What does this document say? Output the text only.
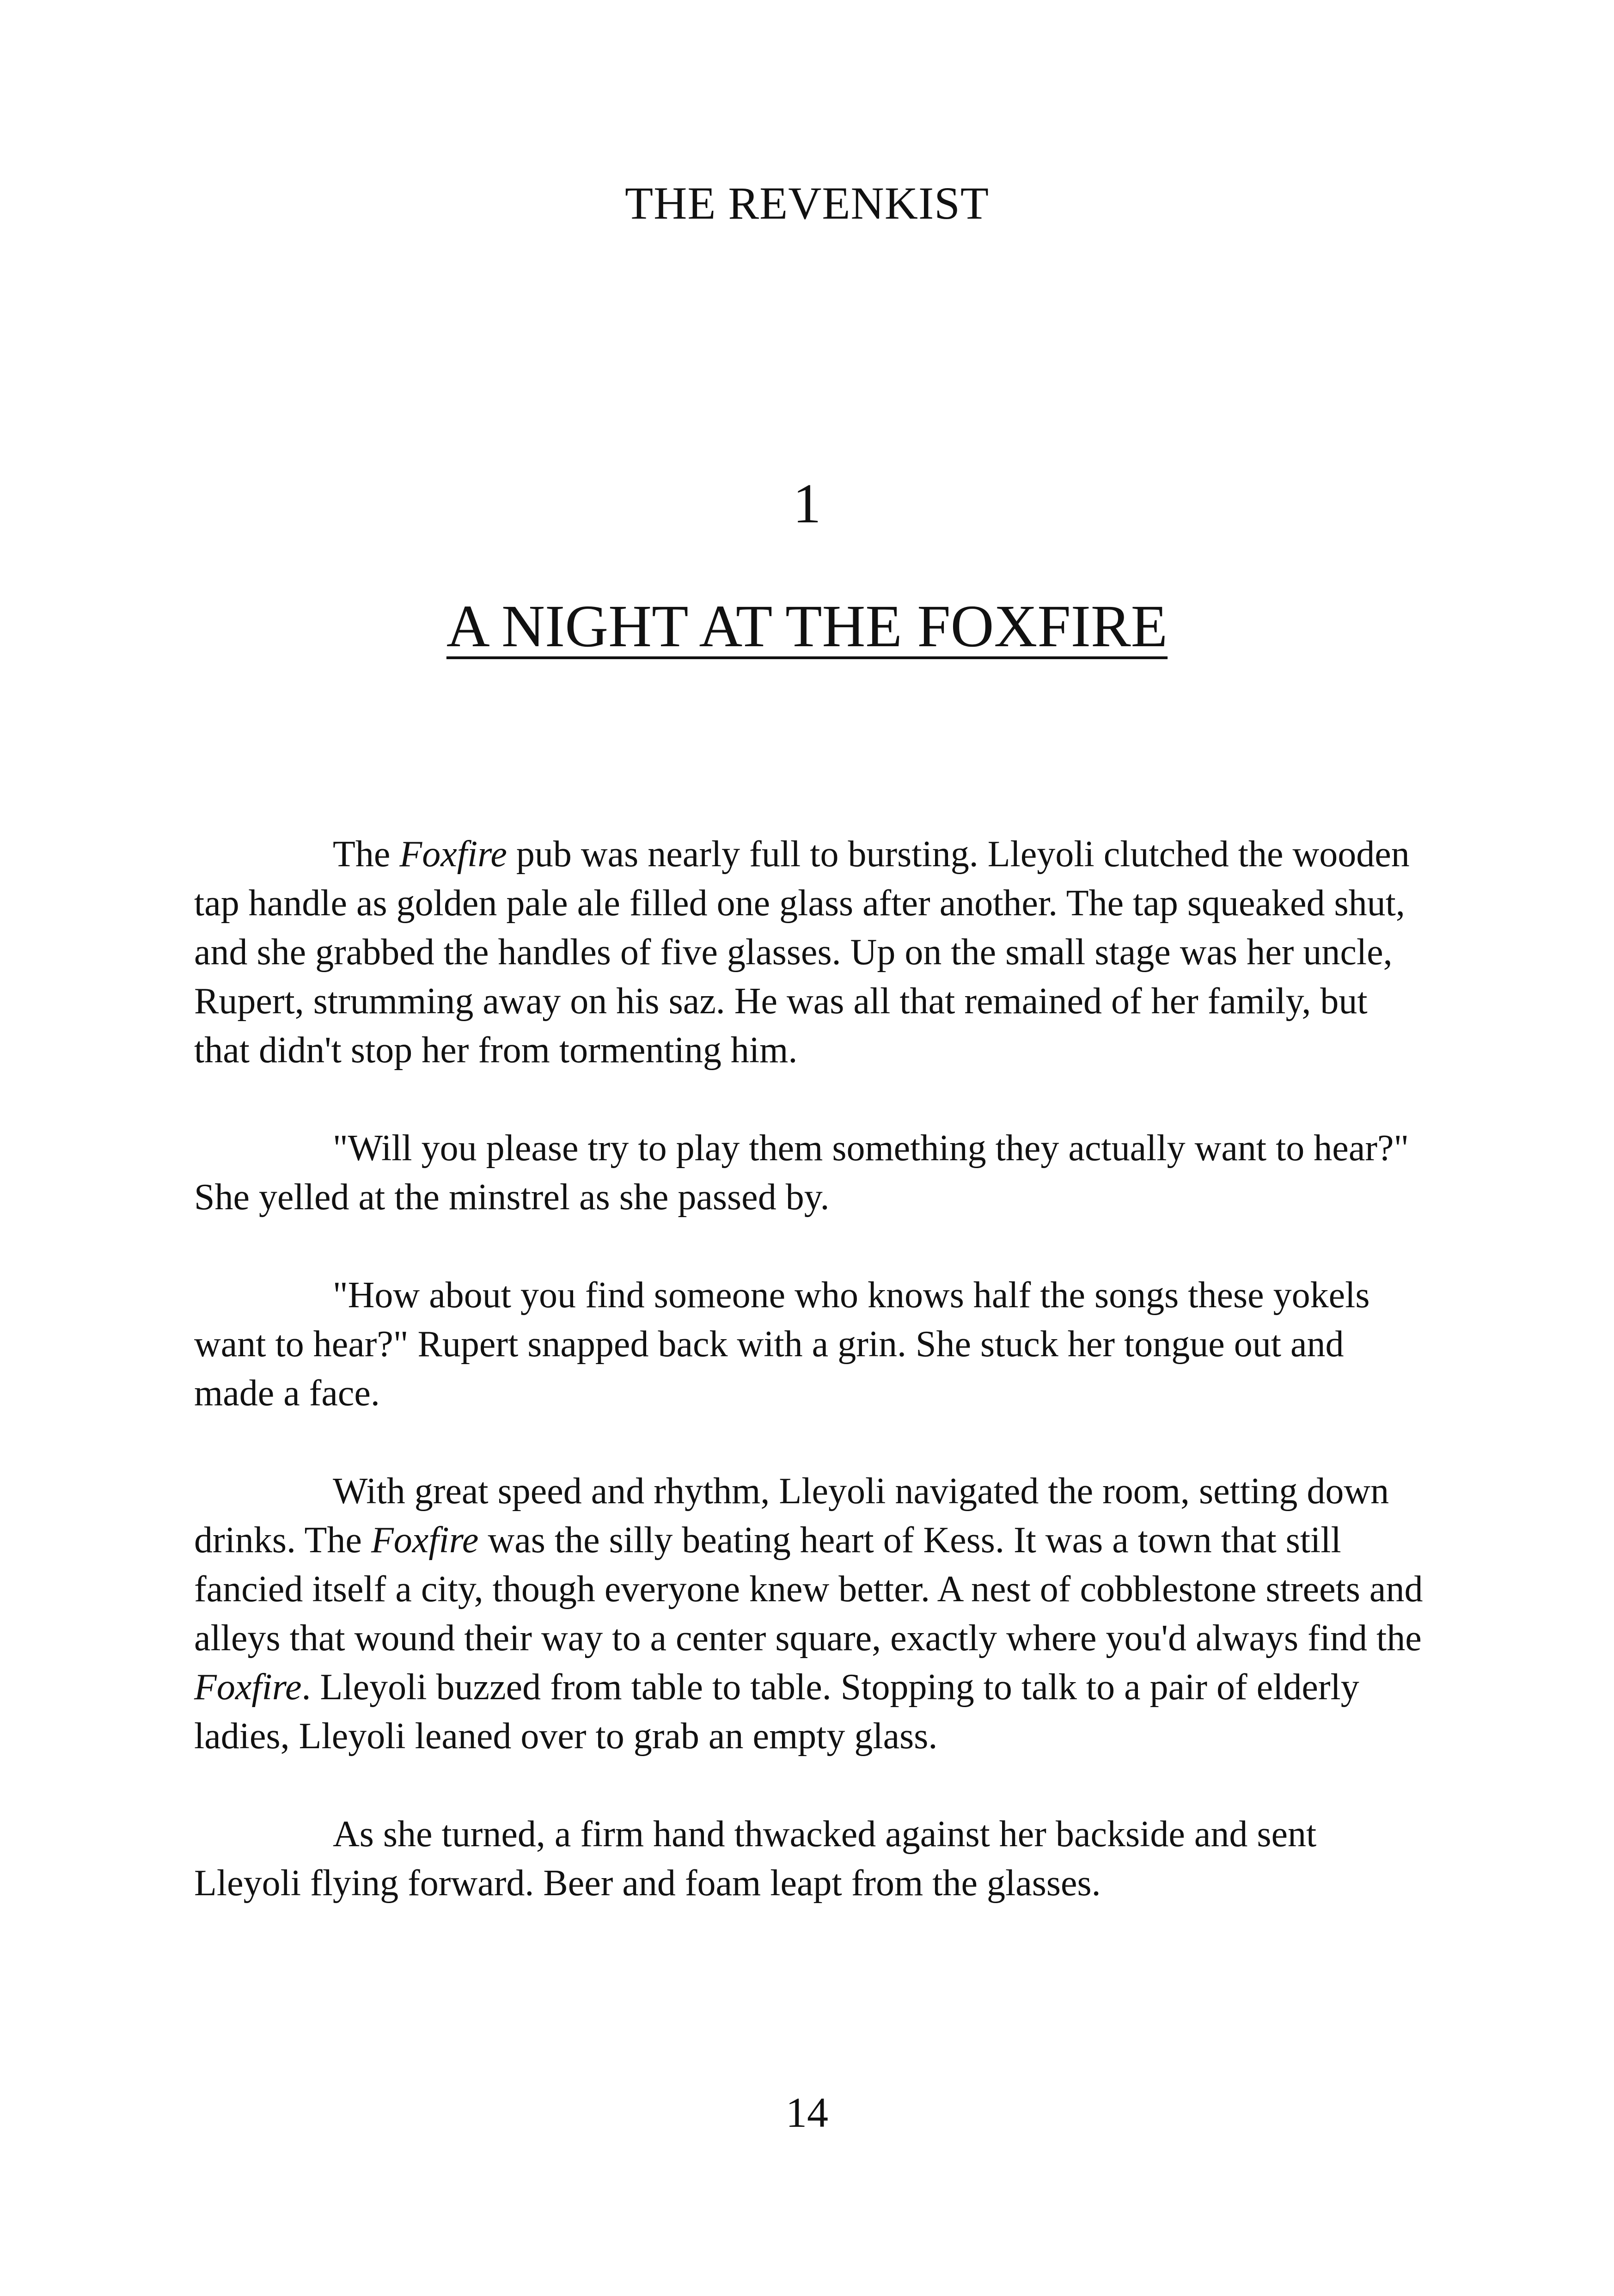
THE REVENKIST
1
A NIGHT AT THE FOXFIRE

The Foxfire pub was nearly full to bursting. Lleyoli clutched the wooden tap handle as golden pale ale filled one glass after another. The tap squeaked shut, and she grabbed the handles of five glasses. Up on the small stage was her uncle, Rupert, strumming away on his saz. He was all that remained of her family, but that didn't stop her from tormenting him.

"Will you please try to play them something they actually want to hear?" She yelled at the minstrel as she passed by.

"How about you find someone who knows half the songs these yokels want to hear?" Rupert snapped back with a grin. She stuck her tongue out and made a face.

With great speed and rhythm, Lleyoli navigated the room, setting down drinks. The Foxfire was the silly beating heart of Kess. It was a town that still fancied itself a city, though everyone knew better. A nest of cobblestone streets and alleys that wound their way to a center square, exactly where you'd always find the Foxfire. Lleyoli buzzed from table to table. Stopping to talk to a pair of elderly ladies, Lleyoli leaned over to grab an empty glass.

As she turned, a firm hand thwacked against her backside and sent Lleyoli flying forward. Beer and foam leapt from the glasses.

14
